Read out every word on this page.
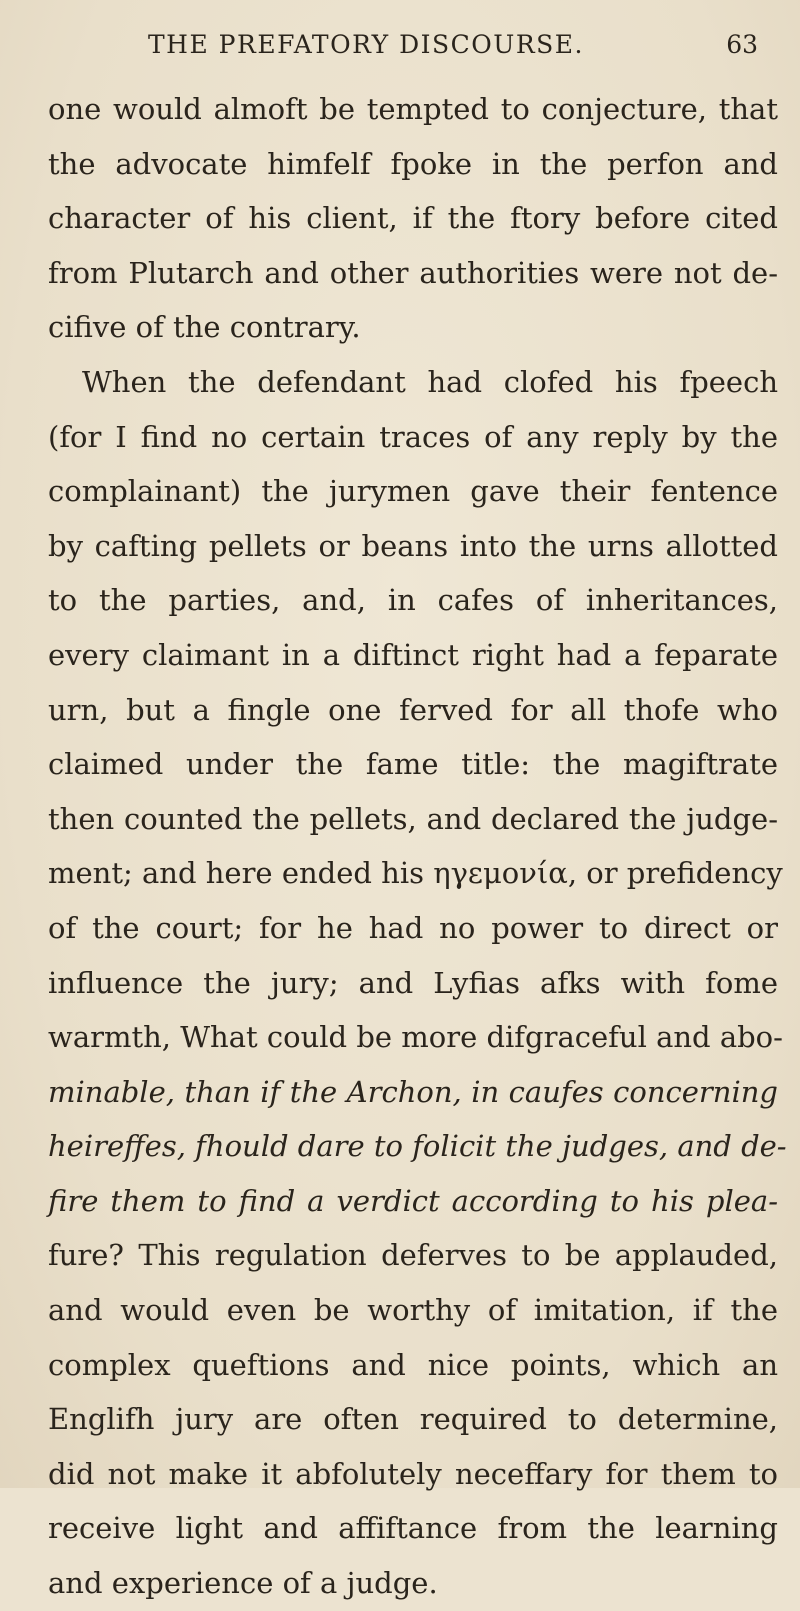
THE PREFATORY DISCOURSE.	63
one would almoft be tempted to conjecture, that
the advocate himfelf fpoke in the perfon and
character of his client, if the ftory before cited
from Plutarch and other authorities were not de-
cifive of the contrary.
When the defendant had clofed his fpeech
(for I find no certain traces of any reply by the
complainant) the jurymen gave their fentence
by cafting pellets or beans into the urns allotted
to the parties, and, in cafes of inheritances,
every claimant in a diftinct right had a feparate
urn, but a fingle one ferved for all thofe who
claimed under the fame title: the magiftrate
then counted the pellets, and declared the judge-
ment; and here ended his ηγεμονία, or prefidency
of the court; for he had no power to direct or
influence the jury; and Lyfias afks with fome
warmth, What could be more difgraceful and abo-
minable, than if the Archon, in caufes concerning
heireffes, fhould dare to folicit the judges, and de-
fire them to find a verdict according to his plea-
fure? This regulation deferves to be applauded,
and would even be worthy of imitation, if the
complex queftions and nice points, which an
Englifh jury are often required to determine,
did not make it abfolutely neceffary for them to
receive light and affiftance from the learning
and experience of a judge.
